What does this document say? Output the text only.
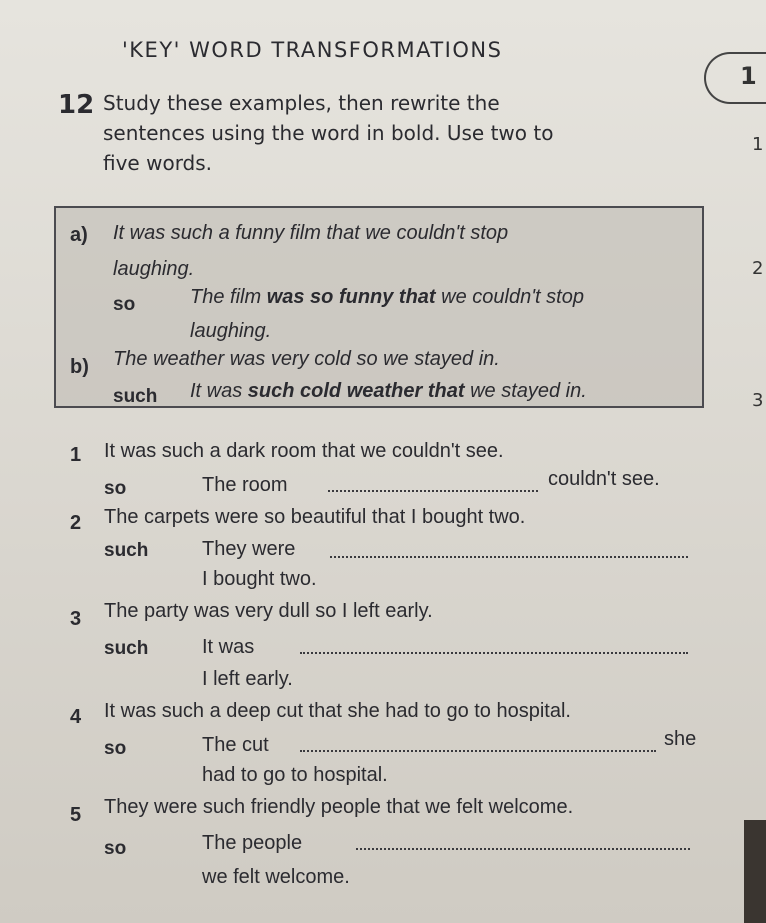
'KEY' WORD TRANSFORMATIONS
1
1
2
3
12 Study these examples, then rewrite the
sentences using the word in bold. Use two to
five words.
a) It was such a funny film that we couldn't stop
laughing.
so	The film was so funny that we couldn't stop
laughing.
b) The weather was very cold so we stayed in.
such It was such cold weather that we stayed in.
1 It was such a dark room that we couldn't see.
so	The room	couldn't see.
2 The carpets were so beautiful that I bought two.
such	They were
I bought two.
3 The party was very dull so I left early.
such	It was
I left early.
4 It was such a deep cut that she had to go to hospital.
so	The cut	she
had to go to hospital.
5 They were such friendly people that we felt welcome.
so	The people
we felt welcome.
